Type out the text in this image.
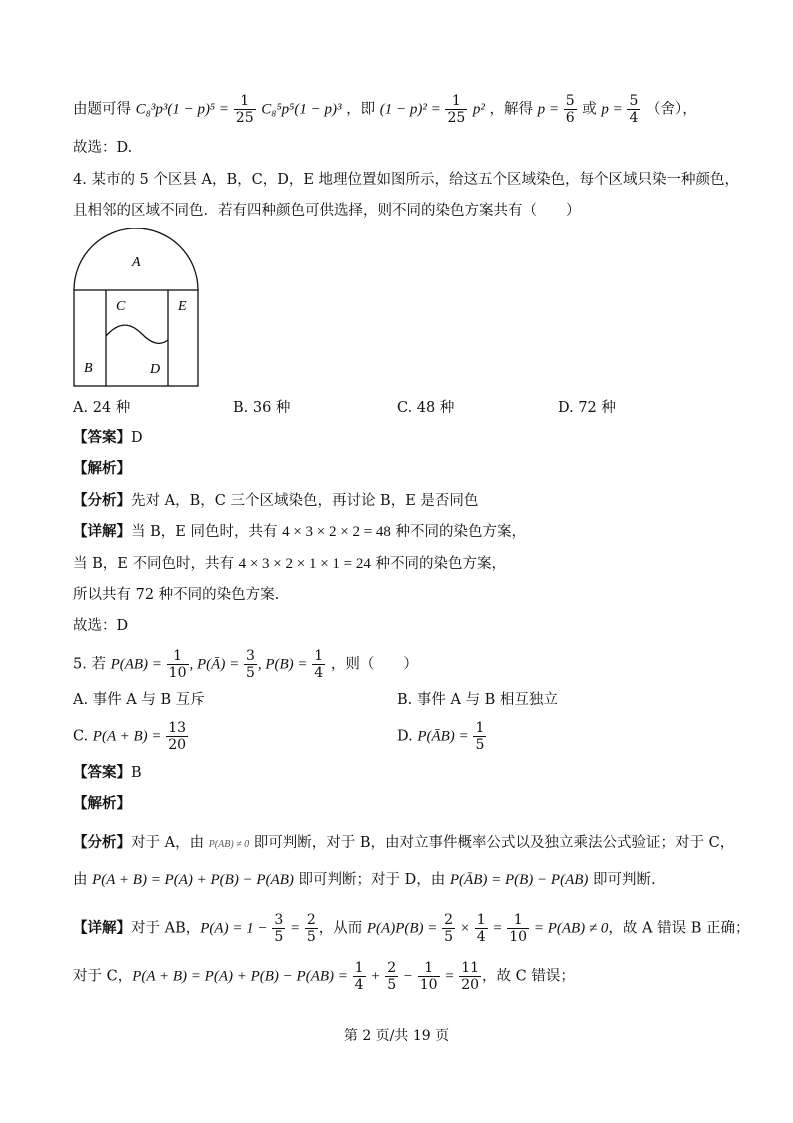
由题可得 $C_8^3p^3(1 - p)^5 = \frac{1}{25} C_8^5p^5(1 - p)^3$ ，即 $(1 - p)^2 = \frac{1}{25} p^2$ ，解得 $p = \frac{5}{6}$ 或 $p = \frac{5}{4}$ （舍），
故选：D.
4. 某市的 5 个区县 A，B，C，D，E 地理位置如图所示，给这五个区域染色，每个区域只染一种颜色，
且相邻的区域不同色．若有四种颜色可供选择，则不同的染色方案共有（　　）
A
C	E
B	D
A. 24 种	B. 36 种	C. 48 种	D. 72 种
【答案】D
【解析】
【分析】先对 A，B，C 三个区域染色，再讨论 B，E 是否同色
【详解】当 B，E 同色时，共有 4 × 3 × 2 × 2 = 48 种不同的染色方案，
当 B，E 不同色时，共有 4 × 3 × 2 × 1 × 1 = 24 种不同的染色方案，
所以共有 72 种不同的染色方案.
故选：D
5. 若 $P(AB) = \frac{1}{10}$ , P(Ā) = $\frac{3}{5}$ , $P(B) = \frac{1}{4}$ ，则（　　）
A. 事件 A 与 B 互斥	B. 事件 A 与 B 相互独立
C. $P(A + B) = \frac{13}{20}$	D. P(ĀB) = $\frac{1}{5}$
【答案】B
【解析】
【分析】对于 A，由 P(AB) ≠ 0 即可判断，对于 B，由对立事件概率公式以及独立乘法公式验证；对于 C，
由 P(A + B) = P(A) + P(B) − P(AB) 即可判断；对于 D，由 P(ĀB) = P(B) − P(AB) 即可判断.
【详解】对于 AB，$P(A) = 1 - \frac{3}{5} = \frac{2}{5}$ ，从而 $P(A)P(B) = \frac{2}{5} \times \frac{1}{4} = \frac{1}{10} = P(AB) \ne 0$，故 A 错误 B 正确；
对于 C，$P(A + B) = P(A) + P(B) - P(AB) = \frac{1}{4} + \frac{2}{5} - \frac{1}{10} = \frac{11}{20}$ ，故 C 错误；
第 2 页/共 19 页
